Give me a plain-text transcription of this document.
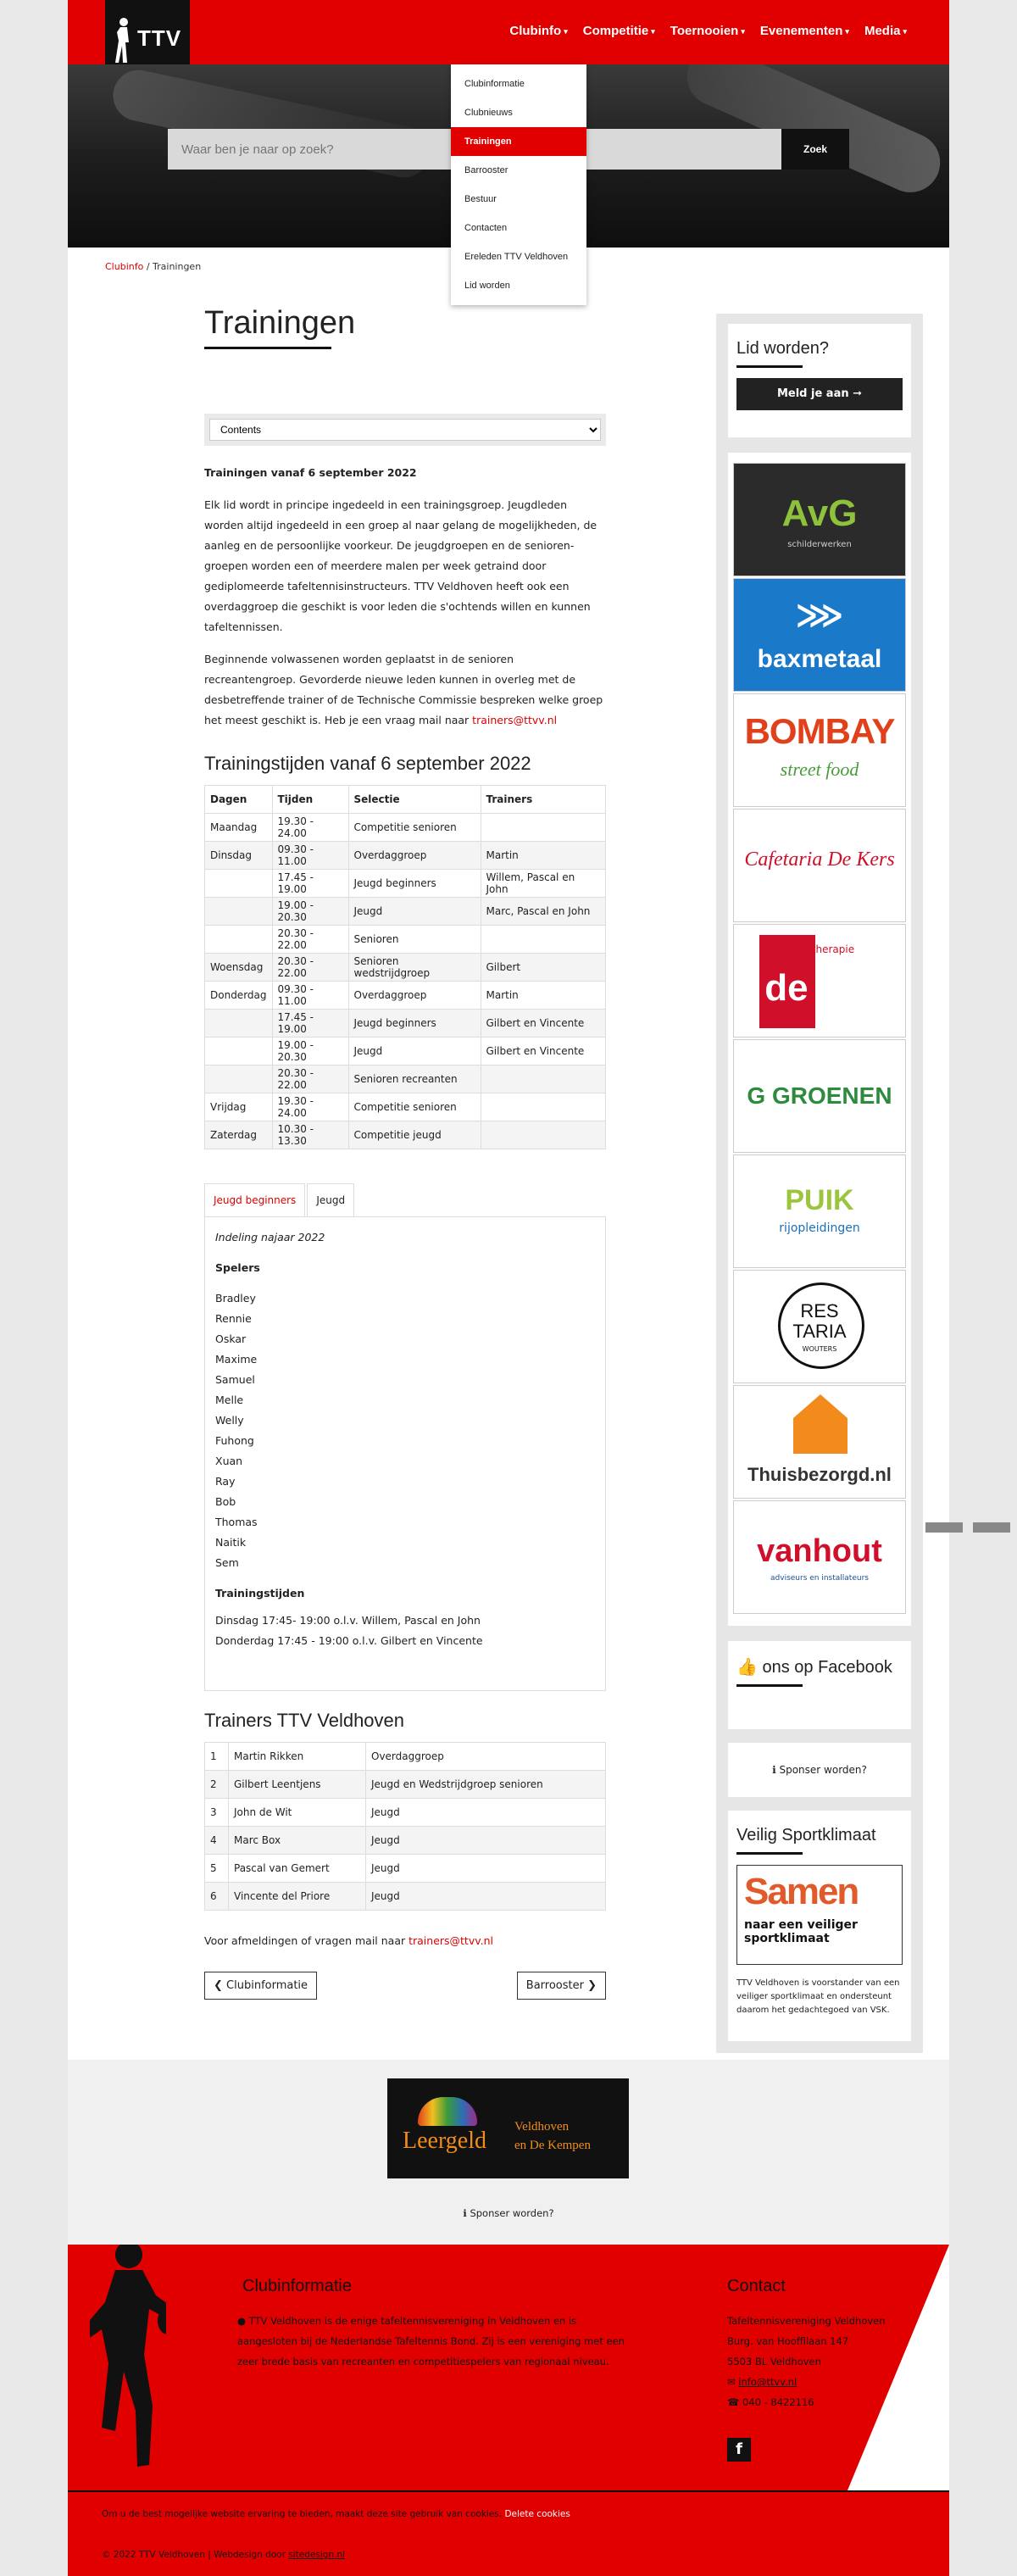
TTV	Clubinfo ▾ Competitie ▾ Toernooien ▾ Evenementen ▾ Media ▾
Waar ben je naar op zoek?
Zoek
Clubinformatie
Clubnieuws
Trainingen
Barrooster
Bestuur
Contacten
Ereleden TTV Veldhoven
Lid worden
Clubinfo / Trainingen
Trainingen
Contents
Trainingen vanaf 6 september 2022
Elk lid wordt in principe ingedeeld in een trainingsgroep. Jeugdleden worden altijd ingedeeld in een groep al naar gelang de mogelijkheden, de aanleg en de persoonlijke voorkeur. De jeugdgroepen en de senioren-groepen worden een of meerdere malen per week getraind door gediplomeerde tafeltennisinstructeurs. TTV Veldhoven heeft ook een overdaggroep die geschikt is voor leden die s'ochtends willen en kunnen tafeltennissen.
Beginnende volwassenen worden geplaatst in de senioren recreantengroep. Gevorderde nieuwe leden kunnen in overleg met de desbetreffende trainer of de Technische Commissie bespreken welke groep het meest geschikt is. Heb je een vraag mail naar trainers@ttvv.nl
Trainingstijden vanaf 6 september 2022
Dagen	Tijden	Selectie	Trainers
Maandag	19.30 - 24.00	Competitie senioren	
Dinsdag	09.30 - 11.00	Overdaggroep	Martin
	17.45 - 19.00	Jeugd beginners	Willem, Pascal en John
	19.00 - 20.30	Jeugd	Marc, Pascal en John
	20.30 - 22.00	Senioren	
Woensdag	20.30 - 22.00	Senioren wedstrijdgroep	Gilbert
Donderdag	09.30 - 11.00	Overdaggroep	Martin
	17.45 - 19.00	Jeugd beginners	Gilbert en Vincente
	19.00 - 20.30	Jeugd	Gilbert en Vincente
	20.30 - 22.00	Senioren recreanten	
Vrijdag	19.30 - 24.00	Competitie senioren	
Zaterdag	10.30 - 13.30	Competitie jeugd	
Jeugd beginners	Jeugd
Indeling najaar 2022
Spelers
Bradley
Rennie
Oskar
Maxime
Samuel
Melle
Welly
Fuhong
Xuan
Ray
Bob
Thomas
Naitik
Sem
Trainingstijden
Dinsdag 17:45- 19:00 o.l.v. Willem, Pascal en John
Donderdag 17:45 - 19:00 o.l.v. Gilbert en Vincente
Trainers TTV Veldhoven
1	Martin Rikken	Overdaggroep
2	Gilbert Leentjens	Jeugd en Wedstrijdgroep senioren
3	John de Wit	Jeugd
4	Marc Box	Jeugd
5	Pascal van Gemert	Jeugd
6	Vincente del Priore	Jeugd
Voor afmeldingen of vragen mail naar trainers@ttvv.nl
❮ Clubinformatie	Barrooster ❯
Lid worden?
Meld je aan ➞
AvG
schilderwerken
⋙
baxmetaal
BOMBAY
street food
Cafetaria De Kers
fysio therapie
de ligt
G GROENEN
PUIK
rijopleidingen
RES
TARIA
WOUTERS
Thuisbezorgd.nl
vanhout
adviseurs en installateurs
👍 ons op Facebook
ℹ Sponser worden?
Veilig Sportklimaat
Samen
naar een veiliger sportklimaat
TTV Veldhoven is voorstander van een veiliger sportklimaat en ondersteunt daarom het gedachtegoed van VSK.
Leergeld
Veldhoven
en De Kempen
ℹ Sponser worden?
Clubinformatie
● TTV Veldhoven is de enige tafeltennisvereniging in Veldhoven en is aangesloten bij de Nederlandse Tafeltennis Bond. Zij is een vereniging met een zeer brede basis van recreanten en competitiespelers van regionaal niveau.
Contact
Tafeltennisvereniging Veldhoven
Burg. van Hooffllaan 147
5503 BL Veldhoven
✉ info@ttvv.nl
☎ 040 - 8422116
f
Om u de best mogelijke website ervaring te bieden, maakt deze site gebruik van cookies. Delete cookies
© 2022 TTV Veldhoven | Webdesign door sitedesign.nl
